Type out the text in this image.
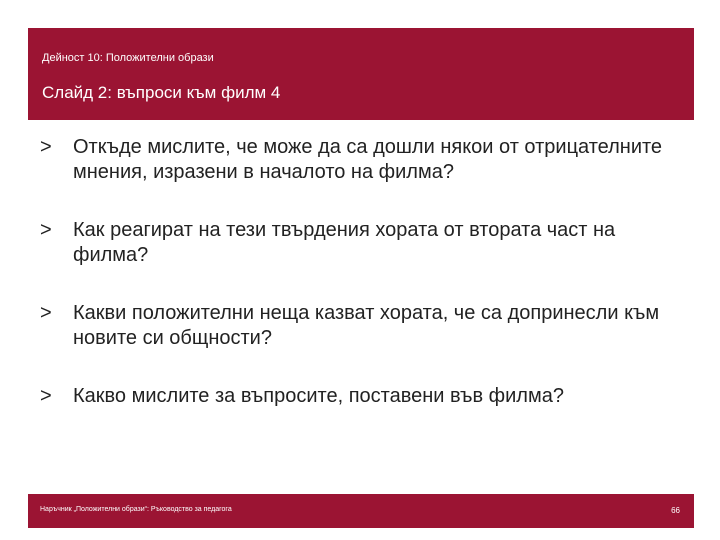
Дейност 10: Положителни образи
Слайд 2: въпроси към филм 4
> Откъде мислите, че може да са дошли някои от отрицателните мнения, изразени в началото на филма?
> Как реагират на тези твърдения хората от втората част на филма?
> Какви положителни неща казват хората, че са допринесли към новите си общности?
> Какво мислите за въпросите, поставени във филма?
Наръчник „Положителни образи“: Ръководство за педагога	66
